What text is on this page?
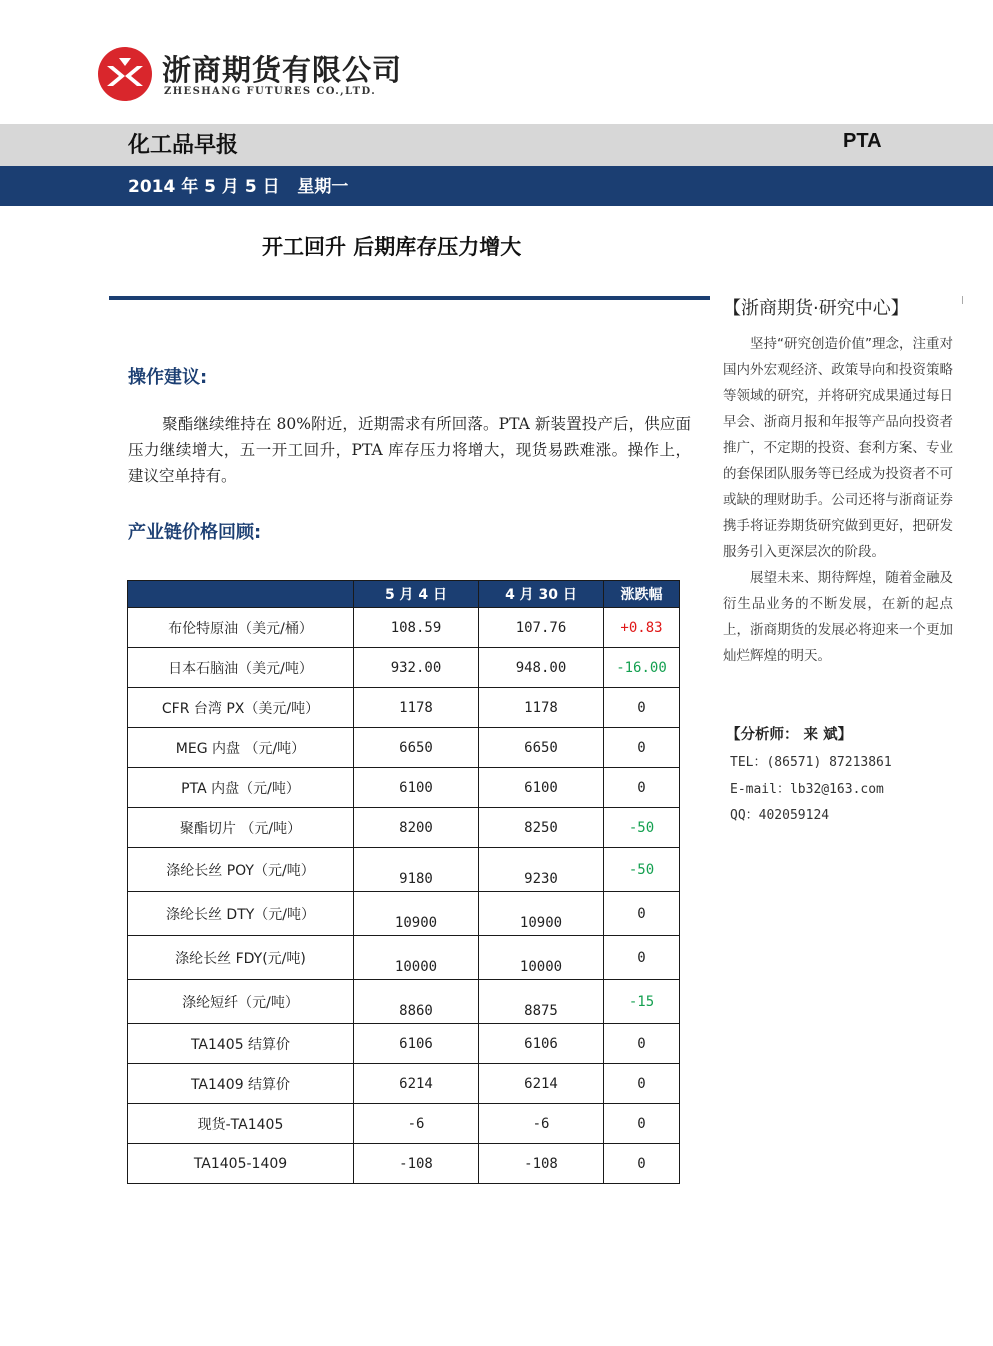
浙商期货有限公司
ZHESHANG FUTURES CO.,LTD.
化工品早报	PTA
2014 年 5 月 5 日 星期一
开工回升 后期库存压力增大
操作建议:
聚酯继续维持在 80%附近，近期需求有所回落。PTA 新装置投产后，供应面压力继续增大，五一开工回升，PTA 库存压力将增大，现货易跌难涨。操作上，建议空单持有。
产业链价格回顾:
	5 月 4 日	4 月 30 日	涨跌幅
布伦特原油（美元/桶）	108.59	107.76	+0.83
日本石脑油（美元/吨）	932.00	948.00	-16.00
CFR 台湾 PX（美元/吨）	1178	1178	0
MEG 内盘 （元/吨）	6650	6650	0
PTA 内盘（元/吨）	6100	6100	0
聚酯切片 （元/吨）	8200	8250	-50
涤纶长丝 POY（元/吨）	9180	9230	-50
涤纶长丝 DTY（元/吨）	10900	10900	0
涤纶长丝 FDY(元/吨)	10000	10000	0
涤纶短纤（元/吨）	8860	8875	-15
TA1405 结算价	6106	6106	0
TA1409 结算价	6214	6214	0
现货-TA1405	-6	-6	0
TA1405-1409	-108	-108	0
【浙商期货·研究中心】

坚持“研究创造价值”理念，注重对国内外宏观经济、政策导向和投资策略等领域的研究，并将研究成果通过每日早会、浙商月报和年报等产品向投资者推广，不定期的投资、套利方案、专业的套保团队服务等已经成为投资者不可或缺的理财助手。公司还将与浙商证券携手将证券期货研究做到更好，把研发服务引入更深层次的阶段。

展望未来、期待辉煌，随着金融及衍生品业务的不断发展，在新的起点上，浙商期货的发展必将迎来一个更加灿烂辉煌的明天。

【分析师： 来 斌】
TEL：(86571) 87213861
E-mail：lb32@163.com
QQ：402059124
